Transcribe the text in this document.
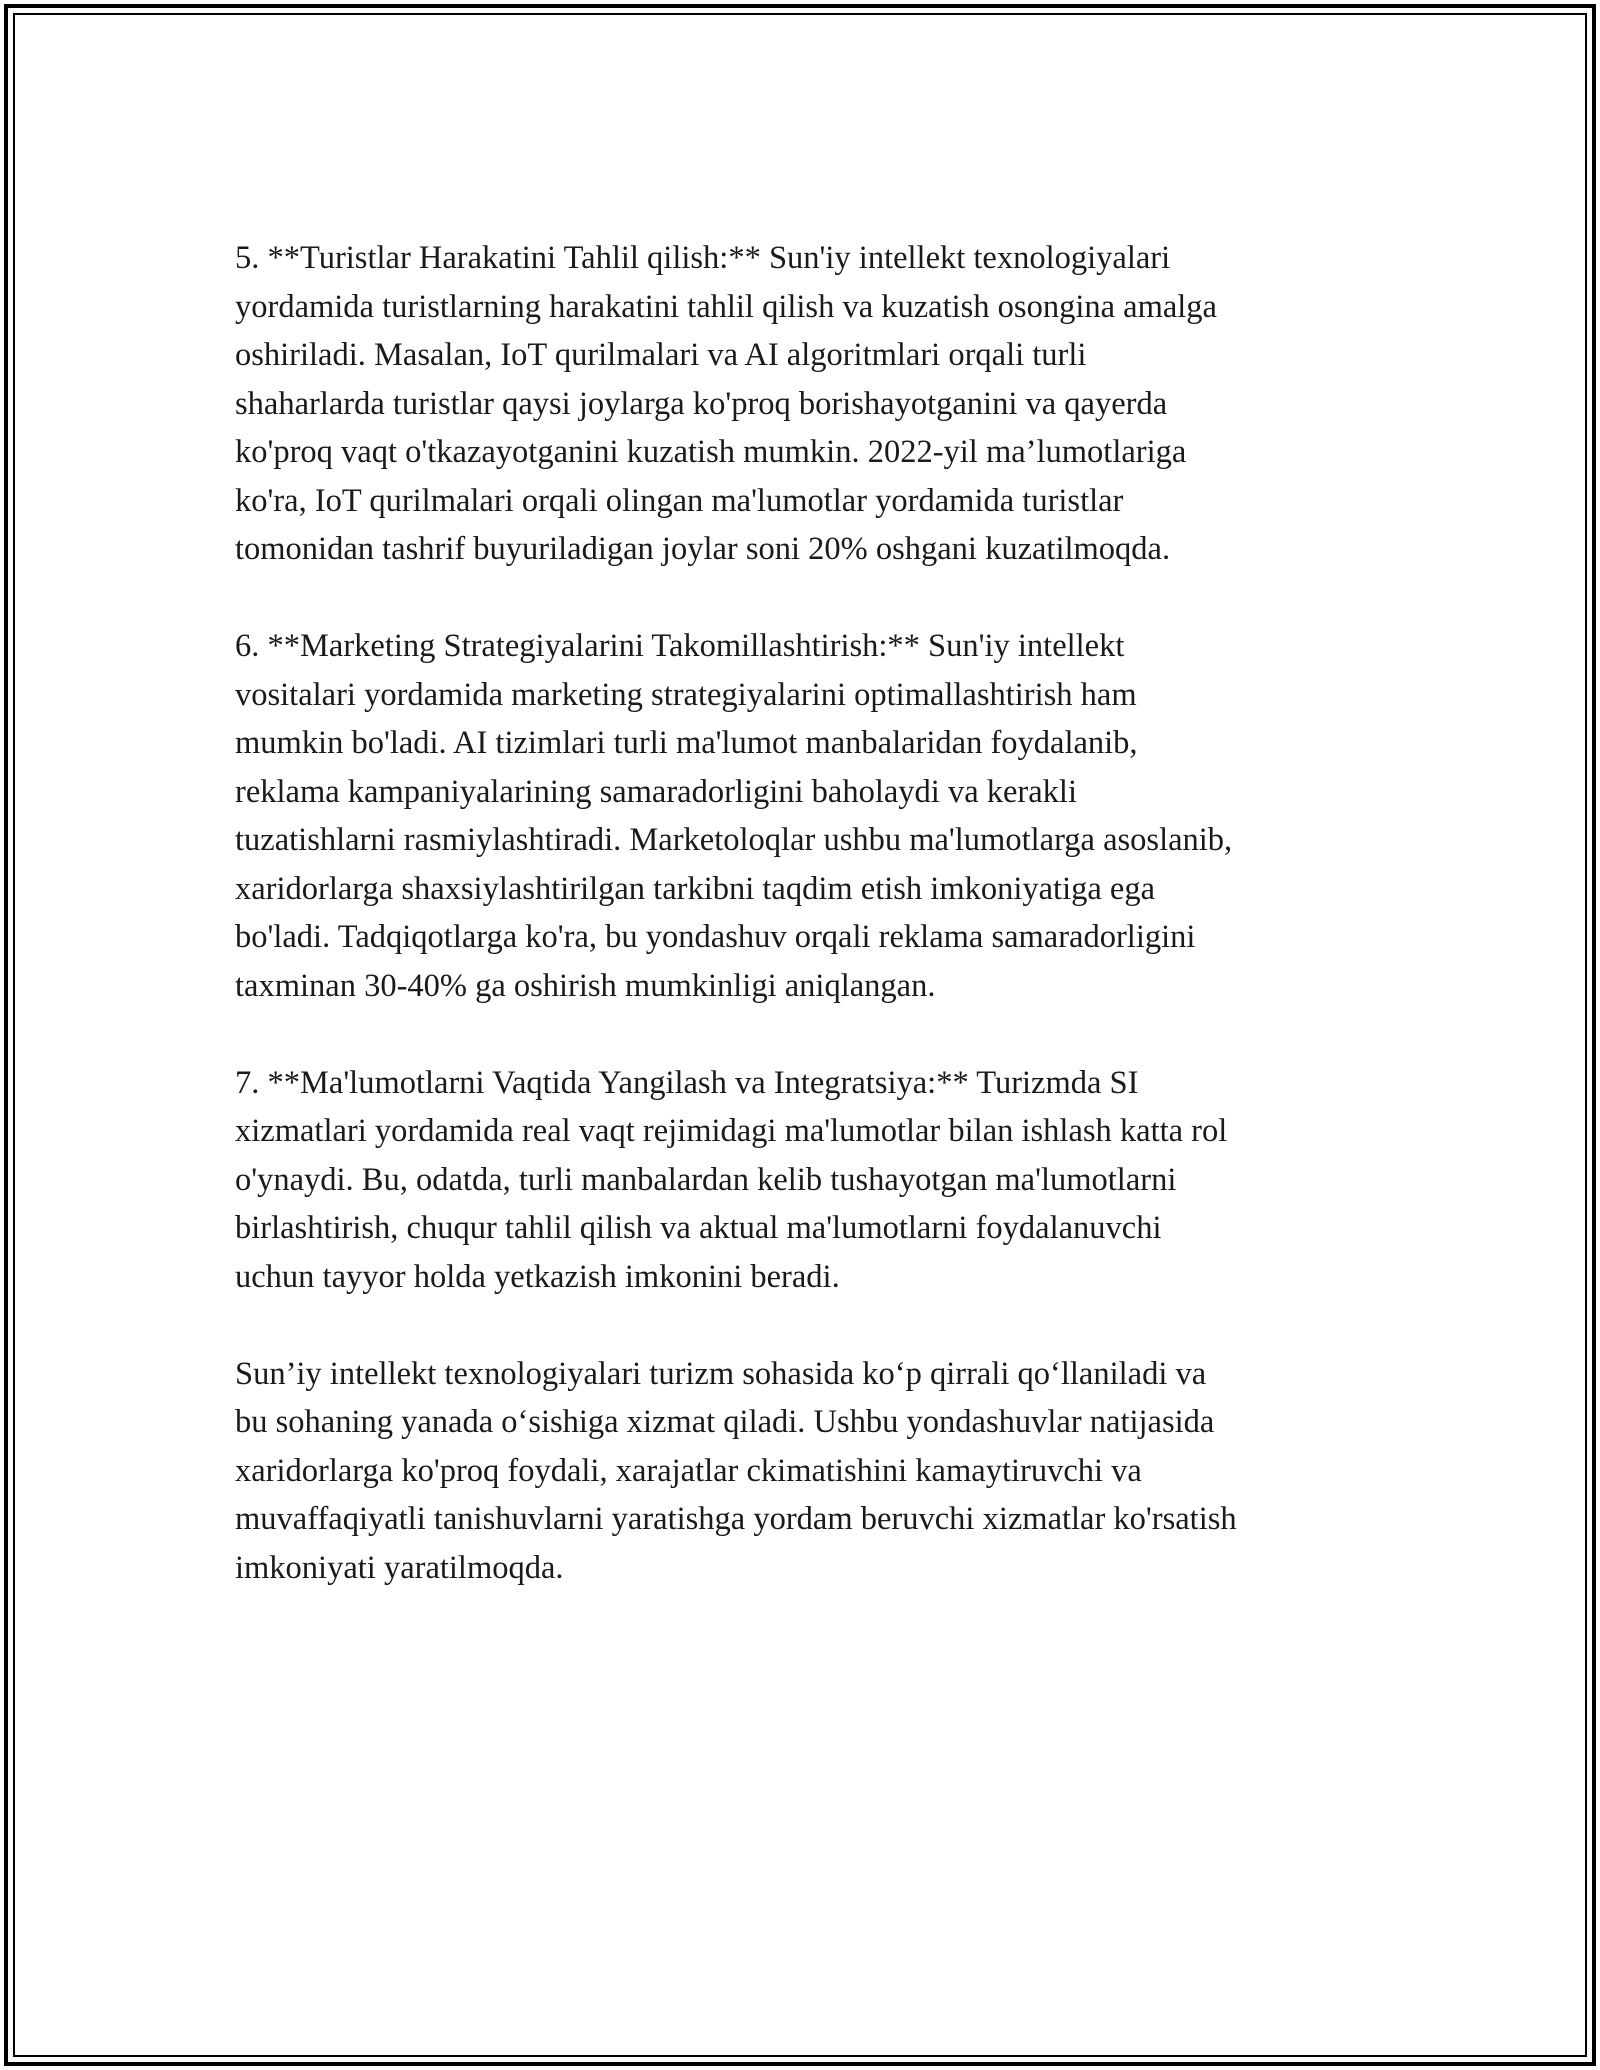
5. **Turistlar Harakatini Tahlil qilish:** Sun'iy intellekt texnologiyalari
yordamida turistlarning harakatini tahlil qilish va kuzatish osongina amalga
oshiriladi. Masalan, IoT qurilmalari va AI algoritmlari orqali turli
shaharlarda turistlar qaysi joylarga ko'proq borishayotganini va qayerda
ko'proq vaqt o'tkazayotganini kuzatish mumkin. 2022-yil ma’lumotlariga
ko'ra, IoT qurilmalari orqali olingan ma'lumotlar yordamida turistlar
tomonidan tashrif buyuriladigan joylar soni 20% oshgani kuzatilmoqda.

6. **Marketing Strategiyalarini Takomillashtirish:** Sun'iy intellekt
vositalari yordamida marketing strategiyalarini optimallashtirish ham
mumkin bo'ladi. AI tizimlari turli ma'lumot manbalaridan foydalanib,
reklama kampaniyalarining samaradorligini baholaydi va kerakli
tuzatishlarni rasmiylashtiradi. Marketoloqlar ushbu ma'lumotlarga asoslanib,
xaridorlarga shaxsiylashtirilgan tarkibni taqdim etish imkoniyatiga ega
bo'ladi. Tadqiqotlarga ko'ra, bu yondashuv orqali reklama samaradorligini
taxminan 30-40% ga oshirish mumkinligi aniqlangan.

7. **Ma'lumotlarni Vaqtida Yangilash va Integratsiya:** Turizmda SI
xizmatlari yordamida real vaqt rejimidagi ma'lumotlar bilan ishlash katta rol
o'ynaydi. Bu, odatda, turli manbalardan kelib tushayotgan ma'lumotlarni
birlashtirish, chuqur tahlil qilish va aktual ma'lumotlarni foydalanuvchi
uchun tayyor holda yetkazish imkonini beradi.

Sun’iy intellekt texnologiyalari turizm sohasida ko‘p qirrali qo‘llaniladi va
bu sohaning yanada o‘sishiga xizmat qiladi. Ushbu yondashuvlar natijasida
xaridorlarga ko'proq foydali, xarajatlar ckimatishini kamaytiruvchi va
muvaffaqiyatli tanishuvlarni yaratishga yordam beruvchi xizmatlar ko'rsatish
imkoniyati yaratilmoqda.
